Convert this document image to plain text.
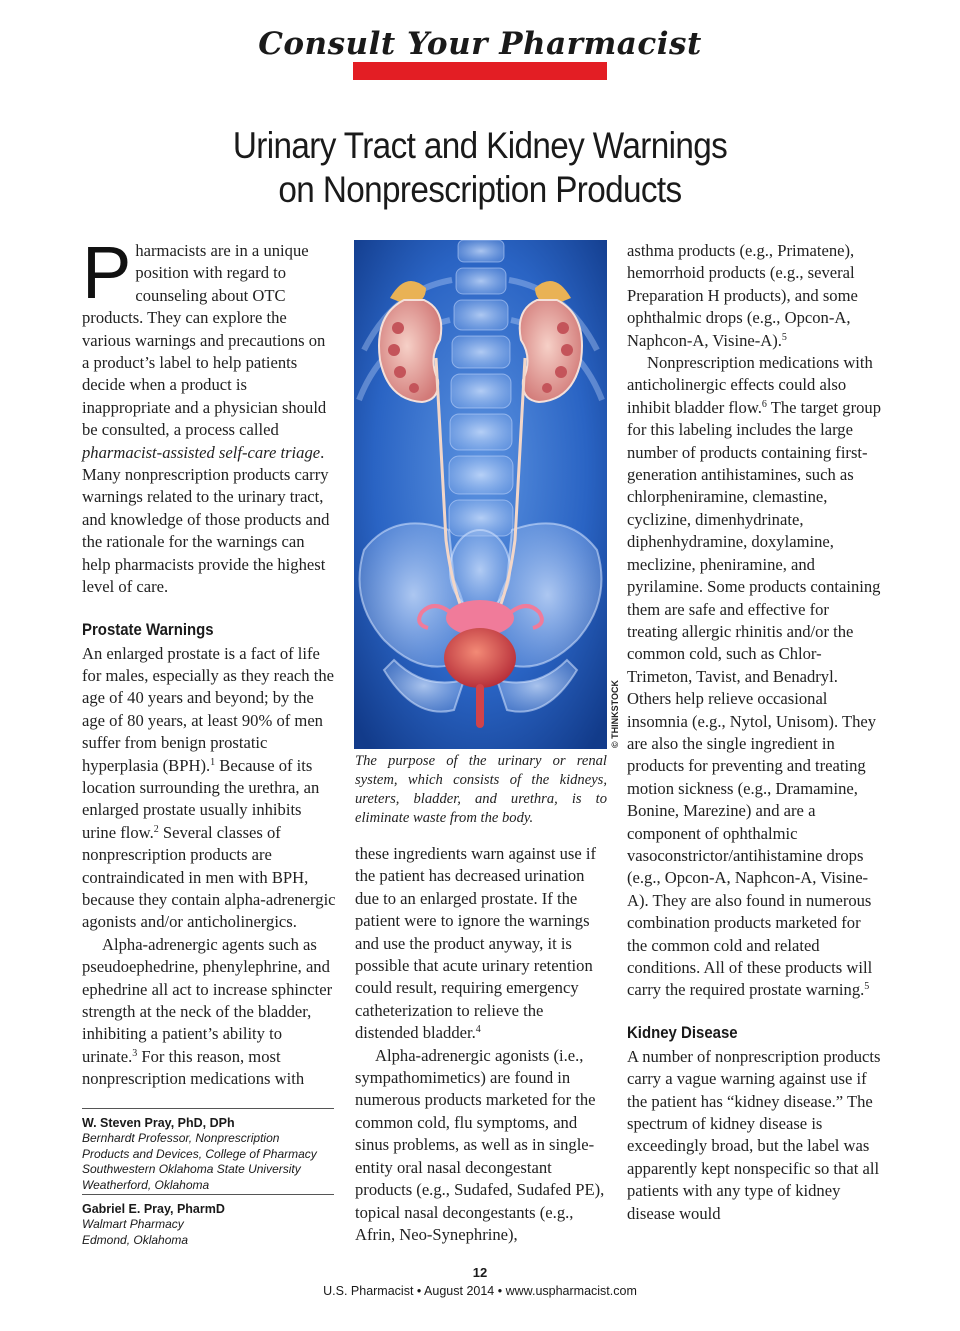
Consult Your Pharmacist
Urinary Tract and Kidney Warnings
on Nonprescription Products

Pharmacists are in a unique position with regard to counseling about OTC products. They can explore the various warnings and precautions on a product’s label to help patients decide when a product is inappropriate and a physician should be consulted, a process called pharmacist-assisted self-care triage. Many nonprescription products carry warnings related to the urinary tract, and knowledge of those products and the rationale for the warnings can help pharmacists provide the highest level of care.

Prostate Warnings

An enlarged prostate is a fact of life for males, especially as they reach the age of 40 years and beyond; by the age of 80 years, at least 90% of men suffer from benign prostatic hyperplasia (BPH).$^1$ Because of its location surrounding the urethra, an enlarged prostate usually inhibits urine flow.$^2$ Several classes of nonprescription products are contraindicated in men with BPH, because they contain alpha-adrenergic agonists and/or anticholinergics.

Alpha-adrenergic agents such as pseudoephedrine, phenylephrine, and ephedrine all act to increase sphincter strength at the neck of the bladder, inhibiting a patient’s ability to urinate.$^3$ For this reason, most nonprescription medications with

W. Steven Pray, PhD, DPh
Bernhardt Professor, Nonprescription
Products and Devices, College of Pharmacy
Southwestern Oklahoma State University
Weatherford, Oklahoma
Gabriel E. Pray, PharmD
Walmart Pharmacy
Edmond, Oklahoma
© THINKSTOCK
The purpose of the urinary or renal system, which consists of the kidneys, ureters, bladder, and urethra, is to eliminate waste from the body.

these ingredients warn against use if the patient has decreased urination due to an enlarged prostate. If the patient were to ignore the warnings and use the product anyway, it is possible that acute urinary retention could result, requiring emergency catheterization to relieve the distended bladder.$^4$

Alpha-adrenergic agonists (i.e., sympathomimetics) are found in numerous products marketed for the common cold, flu symptoms, and sinus problems, as well as in single-entity oral nasal decongestant products (e.g., Sudafed, Sudafed PE), topical nasal decongestants (e.g., Afrin, Neo-Synephrine),

asthma products (e.g., Primatene), hemorrhoid products (e.g., several Preparation H products), and some ophthalmic drops (e.g., Opcon-A, Naphcon-A, Visine-A).$^5$

Nonprescription medications with anticholinergic effects could also inhibit bladder flow.$^6$ The target group for this labeling includes the large number of products containing first-generation antihistamines, such as chlorpheniramine, clemastine, cyclizine, dimenhydrinate, diphenhydramine, doxylamine, meclizine, pheniramine, and pyrilamine. Some products containing them are safe and effective for treating allergic rhinitis and/or the common cold, such as Chlor-Trimeton, Tavist, and Benadryl. Others help relieve occasional insomnia (e.g., Nytol, Unisom). They are also the single ingredient in products for preventing and treating motion sickness (e.g., Dramamine, Bonine, Marezine) and are a component of ophthalmic vasoconstrictor/antihistamine drops (e.g., Opcon-A, Naphcon-A, Visine-A). They are also found in numerous combination products marketed for the common cold and related conditions. All of these products will carry the required prostate warning.$^5$

Kidney Disease

A number of nonprescription products carry a vague warning against use if the patient has “kidney disease.” The spectrum of kidney disease is exceedingly broad, but the label was apparently kept nonspecific so that all patients with any type of kidney disease would

12
U.S. Pharmacist • August 2014 • www.uspharmacist.com
